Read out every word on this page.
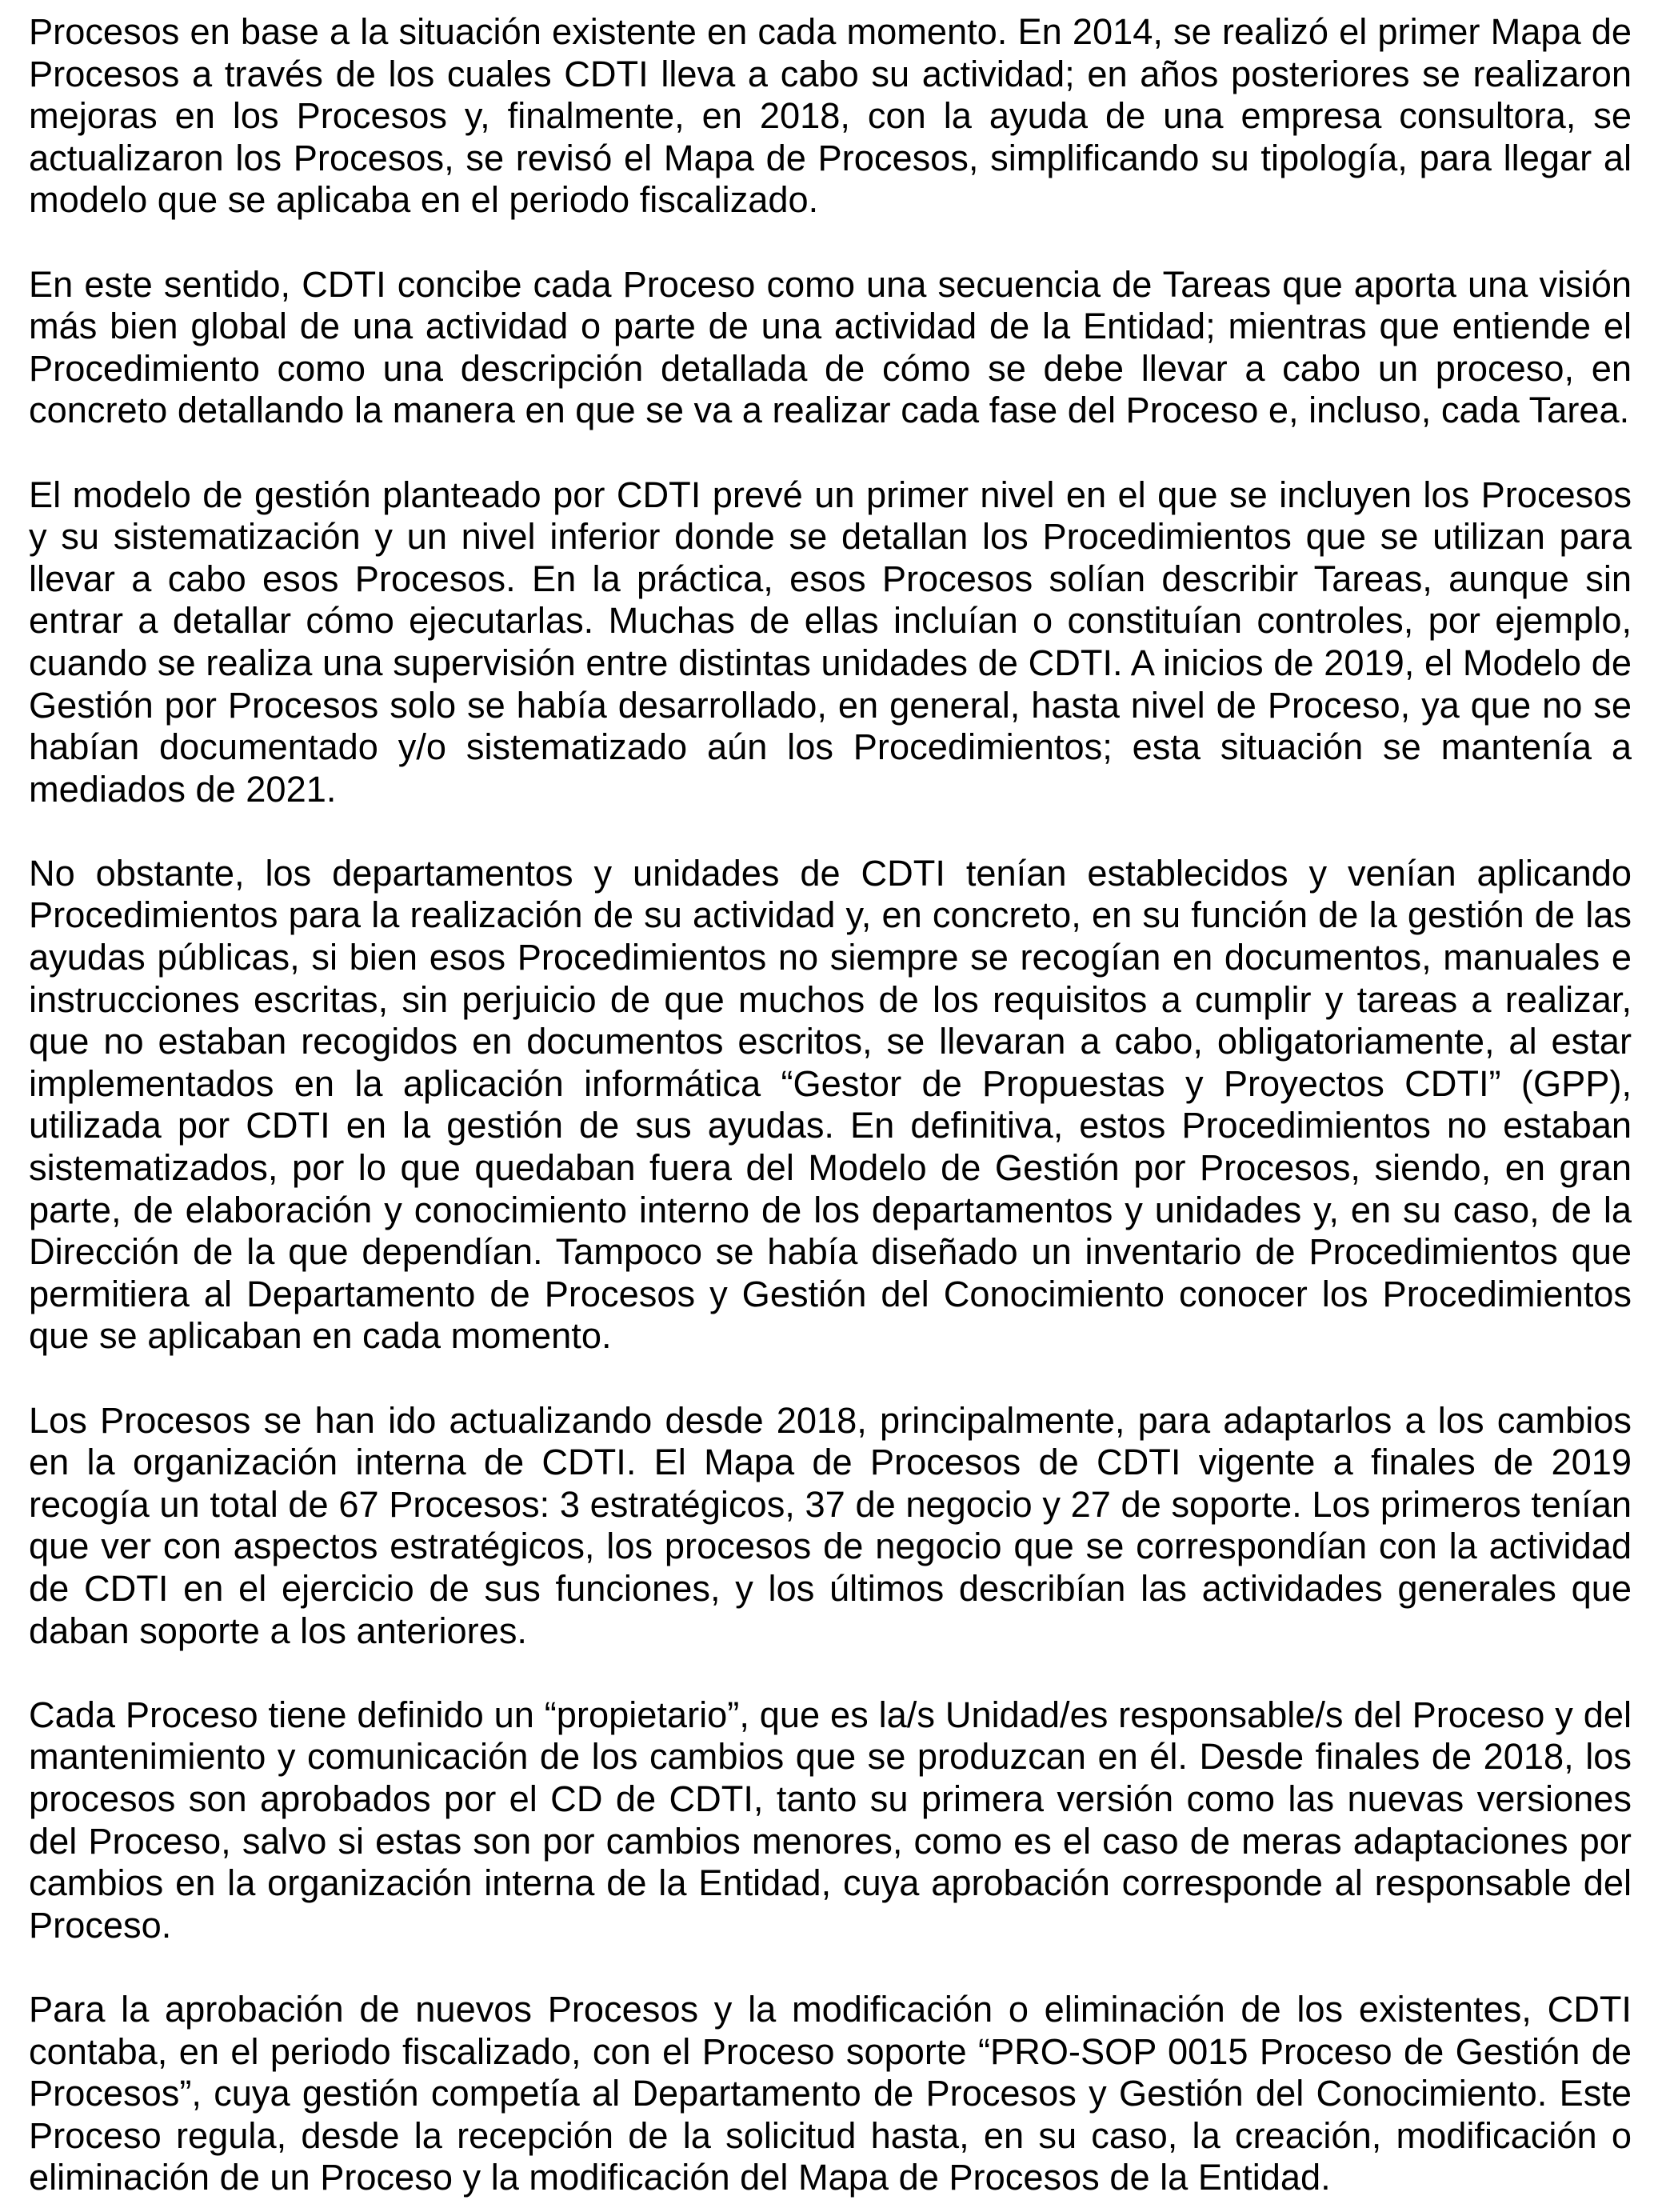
Procesos en base a la situación existente en cada momento. En 2014, se realizó el primer Mapa de Procesos a través de los cuales CDTI lleva a cabo su actividad; en años posteriores se realizaron mejoras en los Procesos y, finalmente, en 2018, con la ayuda de una empresa consultora, se actualizaron los Procesos, se revisó el Mapa de Procesos, simplificando su tipología, para llegar al modelo que se aplicaba en el periodo fiscalizado.

En este sentido, CDTI concibe cada Proceso como una secuencia de Tareas que aporta una visión más bien global de una actividad o parte de una actividad de la Entidad; mientras que entiende el Procedimiento como una descripción detallada de cómo se debe llevar a cabo un proceso, en concreto detallando la manera en que se va a realizar cada fase del Proceso e, incluso, cada Tarea.

El modelo de gestión planteado por CDTI prevé un primer nivel en el que se incluyen los Procesos y su sistematización y un nivel inferior donde se detallan los Procedimientos que se utilizan para llevar a cabo esos Procesos. En la práctica, esos Procesos solían describir Tareas, aunque sin entrar a detallar cómo ejecutarlas. Muchas de ellas incluían o constituían controles, por ejemplo, cuando se realiza una supervisión entre distintas unidades de CDTI. A inicios de 2019, el Modelo de Gestión por Procesos solo se había desarrollado, en general, hasta nivel de Proceso, ya que no se habían documentado y/o sistematizado aún los Procedimientos; esta situación se mantenía a mediados de 2021.

No obstante, los departamentos y unidades de CDTI tenían establecidos y venían aplicando Procedimientos para la realización de su actividad y, en concreto, en su función de la gestión de las ayudas públicas, si bien esos Procedimientos no siempre se recogían en documentos, manuales e instrucciones escritas, sin perjuicio de que muchos de los requisitos a cumplir y tareas a realizar, que no estaban recogidos en documentos escritos, se llevaran a cabo, obligatoriamente, al estar implementados en la aplicación informática “Gestor de Propuestas y Proyectos CDTI” (GPP), utilizada por CDTI en la gestión de sus ayudas. En definitiva, estos Procedimientos no estaban sistematizados, por lo que quedaban fuera del Modelo de Gestión por Procesos, siendo, en gran parte, de elaboración y conocimiento interno de los departamentos y unidades y, en su caso, de la Dirección de la que dependían. Tampoco se había diseñado un inventario de Procedimientos que permitiera al Departamento de Procesos y Gestión del Conocimiento conocer los Procedimientos que se aplicaban en cada momento.

Los Procesos se han ido actualizando desde 2018, principalmente, para adaptarlos a los cambios en la organización interna de CDTI. El Mapa de Procesos de CDTI vigente a finales de 2019 recogía un total de 67 Procesos: 3 estratégicos, 37 de negocio y 27 de soporte. Los primeros tenían que ver con aspectos estratégicos, los procesos de negocio que se correspondían con la actividad de CDTI en el ejercicio de sus funciones, y los últimos describían las actividades generales que daban soporte a los anteriores.

Cada Proceso tiene definido un “propietario”, que es la/s Unidad/es responsable/s del Proceso y del mantenimiento y comunicación de los cambios que se produzcan en él. Desde finales de 2018, los procesos son aprobados por el CD de CDTI, tanto su primera versión como las nuevas versiones del Proceso, salvo si estas son por cambios menores, como es el caso de meras adaptaciones por cambios en la organización interna de la Entidad, cuya aprobación corresponde al responsable del Proceso.

Para la aprobación de nuevos Procesos y la modificación o eliminación de los existentes, CDTI contaba, en el periodo fiscalizado, con el Proceso soporte “PRO-SOP 0015 Proceso de Gestión de Procesos”, cuya gestión competía al Departamento de Procesos y Gestión del Conocimiento. Este Proceso regula, desde la recepción de la solicitud hasta, en su caso, la creación, modificación o eliminación de un Proceso y la modificación del Mapa de Procesos de la Entidad.
